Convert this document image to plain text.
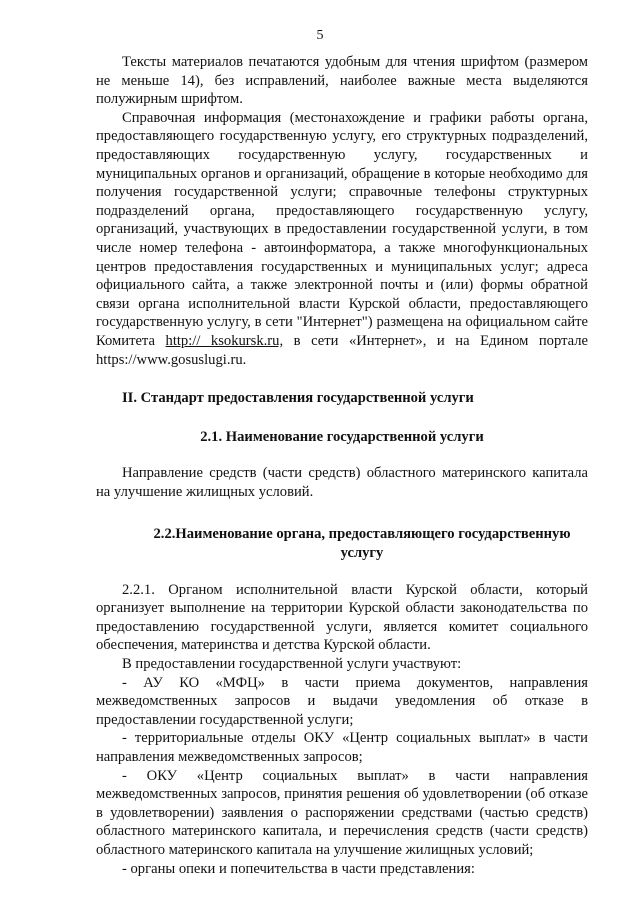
5

Тексты материалов печатаются удобным для чтения шрифтом (размером не меньше 14), без исправлений, наиболее важные места выделяются полужирным шрифтом.

Справочная информация (местонахождение и графики работы органа, предоставляющего государственную услугу, его структурных подразделений, предоставляющих государственную услугу, государственных и муниципальных органов и организаций, обращение в которые необходимо для получения государственной услуги; справочные телефоны структурных подразделений органа, предоставляющего государственную услугу, организаций, участвующих в предоставлении государственной услуги, в том числе номер телефона - автоинформатора, а также многофункциональных центров предоставления государственных и муниципальных услуг; адреса официального сайта, а также электронной почты и (или) формы обратной связи органа исполнительной власти Курской области, предоставляющего государственную услугу, в сети "Интернет") размещена на официальном сайте Комитета http:// ksokursk.ru, в сети «Интернет», и на Едином портале https://www.gosuslugi.ru.

II. Стандарт предоставления государственной услуги

2.1. Наименование государственной услуги

Направление средств (части средств) областного материнского капитала на улучшение жилищных условий.

2.2.Наименование органа, предоставляющего государственную услугу

2.2.1. Органом исполнительной власти Курской области, который организует выполнение на территории Курской области законодательства по предоставлению государственной услуги, является комитет социального обеспечения, материнства и детства Курской области.

В предоставлении государственной услуги участвуют:

- АУ КО «МФЦ» в части приема документов, направления межведомственных запросов и выдачи уведомления об отказе в предоставлении государственной услуги;

- территориальные отделы ОКУ «Центр социальных выплат» в части направления межведомственных запросов;

- ОКУ «Центр социальных выплат» в части направления межведомственных запросов, принятия решения об удовлетворении (об отказе в удовлетворении) заявления о распоряжении средствами (частью средств) областного материнского капитала, и перечисления средств (части средств) областного материнского капитала на улучшение жилищных условий;

- органы опеки и попечительства в части представления:
